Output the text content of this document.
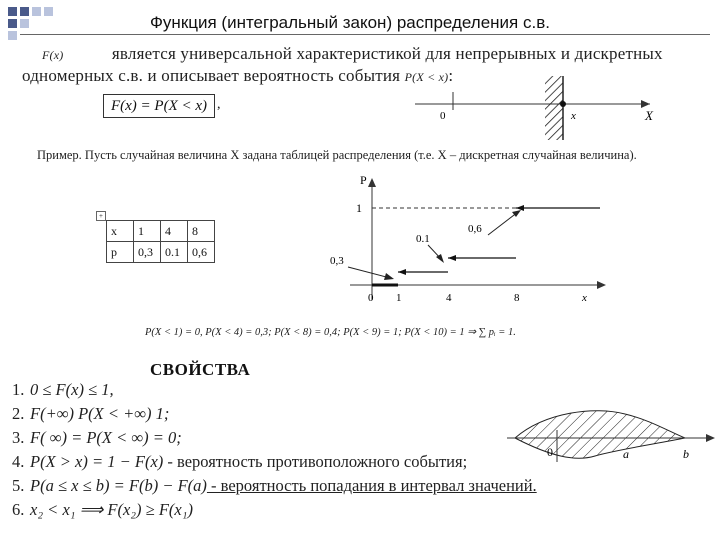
Функция (интегральный закон) распределения с.в.
F(x)	является универсальной характеристикой для непрерывных и дискретных
одномерных с.в. и описывает вероятность события P(X < x):
F(x) = P(X < x) ,
0	x	X
Пример. Пусть случайная величина X задана таблицей распределения (т.е. X – дискретная случайная величина).
+
x	1	4	8
p	0,3	0.1	0,6
P
1
0,3
0.1
0,6
0 1	4	8	x
P(X < 1) = 0, P(X < 4) = 0,3; P(X < 8) = 0,4; P(X < 9) = 1; P(X < 10) = 1 ⇒ ∑ pᵢ = 1.
СВОЙСТВА
1. 0 ≤ F(x) ≤ 1,
2. F(+∞) P(X < +∞) 1;
3. F( ∞) = P(X < ∞) = 0;
4. P(X > x) = 1 − F(x) - вероятность противоположного события;
5. P(a ≤ x ≤ b) = F(b) − F(a) - вероятность попадания в интервал значений.
6. x₂ < x₁ ⟹ F(x₂) ≥ F(x₁)
0	a	b
